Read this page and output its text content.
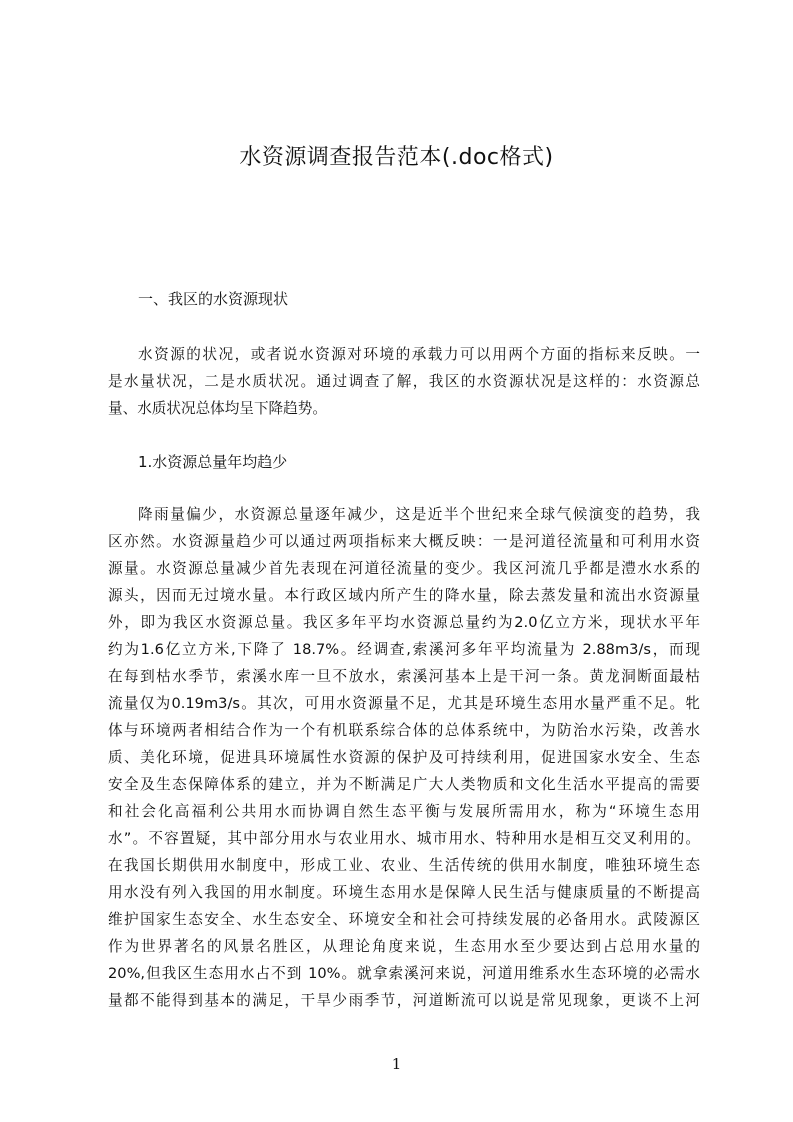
水资源调查报告范本(.doc格式)
一、我区的水资源现状
水资源的状况，或者说水资源对环境的承载力可以用两个方面的指标来反映。一
是水量状况，二是水质状况。通过调查了解，我区的水资源状况是这样的：水资源总
量、水质状况总体均呈下降趋势。
1.水资源总量年均趋少
降雨量偏少，水资源总量逐年减少，这是近半个世纪来全球气候演变的趋势，我
区亦然。水资源量趋少可以通过两项指标来大概反映：一是河道径流量和可利用水资
源量。水资源总量减少首先表现在河道径流量的变少。我区河流几乎都是澧水水系的
源头，因而无过境水量。本行政区域内所产生的降水量，除去蒸发量和流出水资源量
外，即为我区水资源总量。我区多年平均水资源总量约为2.0亿立方米，现状水平年
约为1.6亿立方米,下降了 18.7%。经调查,索溪河多年平均流量为 2.88m3/s，而现
在每到枯水季节，索溪水库一旦不放水，索溪河基本上是干河一条。黄龙洞断面最枯
流量仅为0.19m3/s。其次，可用水资源量不足，尤其是环境生态用水量严重不足。牝
体与环境两者相结合作为一个有机联系综合体的总体系统中，为防治水污染，改善水
质、美化环境，促进具环境属性水资源的保护及可持续利用，促进国家水安全、生态
安全及生态保障体系的建立，并为不断满足广大人类物质和文化生活水平提高的需要
和社会化高福利公共用水而协调自然生态平衡与发展所需用水，称为“环境生态用
水”。不容置疑，其中部分用水与农业用水、城市用水、特种用水是相互交叉利用的。
在我国长期供用水制度中，形成工业、农业、生活传统的供用水制度，唯独环境生态
用水没有列入我国的用水制度。环境生态用水是保障人民生活与健康质量的不断提高
维护国家生态安全、水生态安全、环境安全和社会可持续发展的必备用水。武陵源区
作为世界著名的风景名胜区，从理论角度来说，生态用水至少要达到占总用水量的
20%,但我区生态用水占不到 10%。就拿索溪河来说，河道用维系水生态环境的必需水
量都不能得到基本的满足，干旱少雨季节，河道断流可以说是常见现象，更谈不上河
1
